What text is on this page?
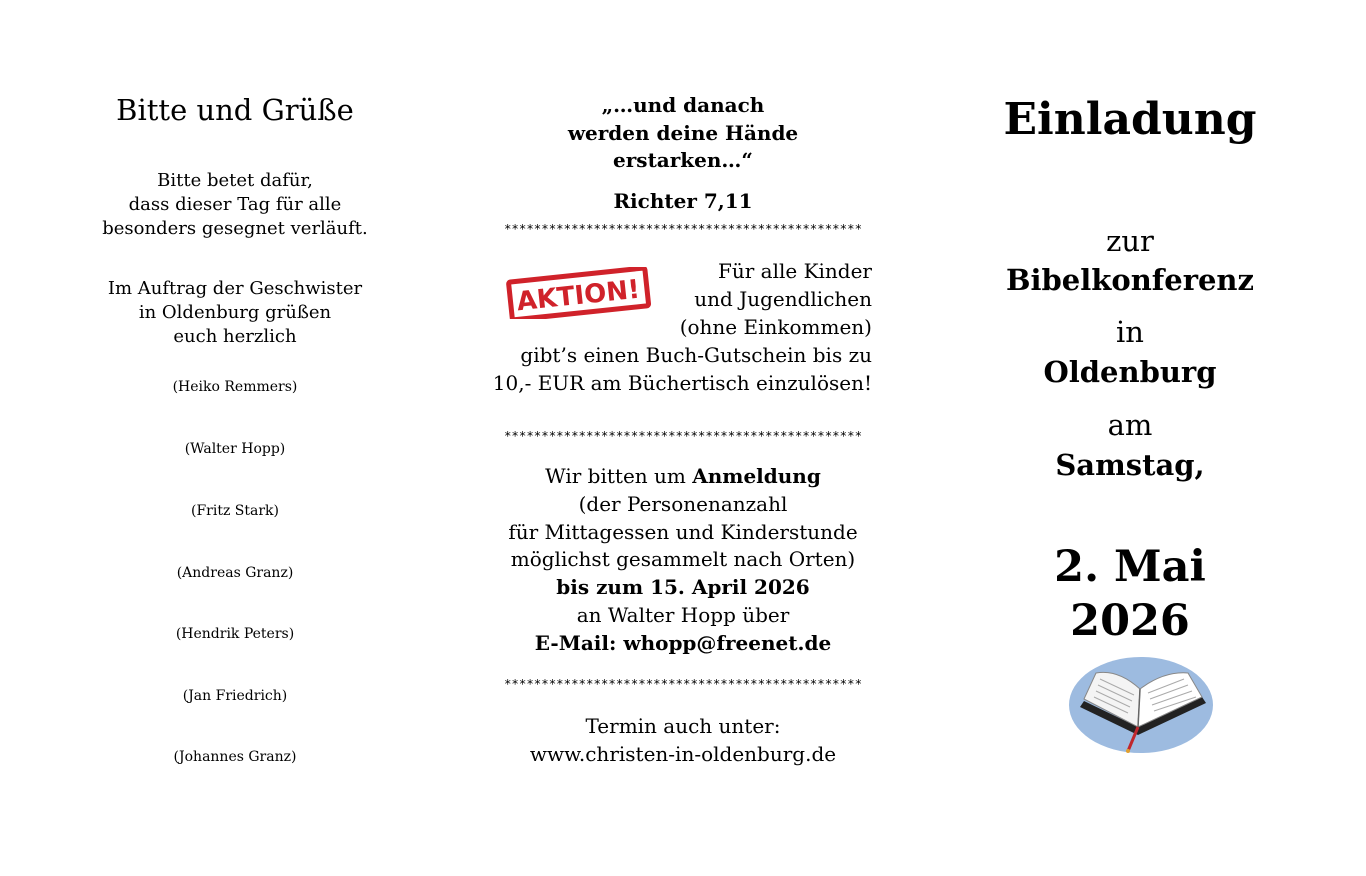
Bitte und Grüße
Bitte betet dafür,
dass dieser Tag für alle
besonders gesegnet verläuft.
Im Auftrag der Geschwister
in Oldenburg grüßen
euch herzlich
(Heiko Remmers)
(Walter Hopp)
(Fritz Stark)
(Andreas Granz)
(Hendrik Peters)
(Jan Friedrich)
(Johannes Granz)
„…und danach
werden deine Hände
erstarken…“
Richter 7,11
************************************************
AKTION!
Für alle Kinder
und Jugendlichen
(ohne Einkommen)
gibt’s einen Buch-Gutschein bis zu
10,- EUR am Büchertisch einzulösen!
************************************************
Wir bitten um Anmeldung
(der Personenanzahl
für Mittagessen und Kinderstunde
möglichst gesammelt nach Orten)
bis zum 15. April 2026
an Walter Hopp über
E-Mail: whopp@freenet.de
************************************************
Termin auch unter:
www.christen-in-oldenburg.de
Einladung
zur
Bibelkonferenz
in
Oldenburg
am
Samstag,
2. Mai 2026
